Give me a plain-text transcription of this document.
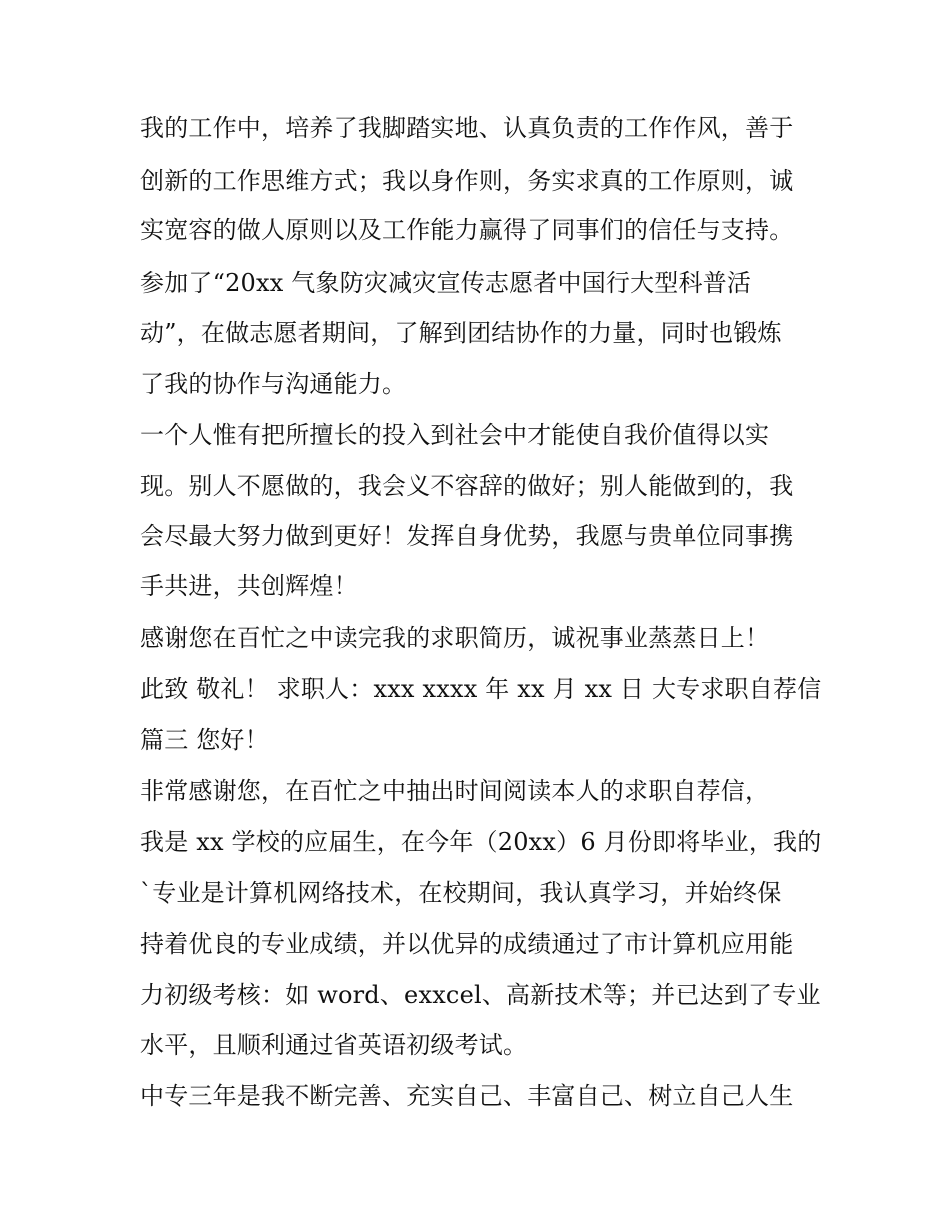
我的工作中，培养了我脚踏实地、认真负责的工作作风，善于
创新的工作思维方式；我以身作则，务实求真的工作原则，诚
实宽容的做人原则以及工作能力赢得了同事们的信任与支持。
参加了“20xx 气象防灾减灾宣传志愿者中国行大型科普活
动”，在做志愿者期间，了解到团结协作的力量，同时也锻炼
了我的协作与沟通能力。
一个人惟有把所擅长的投入到社会中才能使自我价值得以实
现。别人不愿做的，我会义不容辞的做好；别人能做到的，我
会尽最大努力做到更好！发挥自身优势，我愿与贵单位同事携
手共进，共创辉煌！
感谢您在百忙之中读完我的求职简历，诚祝事业蒸蒸日上！
此致 敬礼！ 求职人：xxx xxxx 年 xx 月 xx 日 大专求职自荐信
篇三 您好！
非常感谢您，在百忙之中抽出时间阅读本人的求职自荐信，
我是 xx 学校的应届生，在今年（20xx）6 月份即将毕业，我的
`专业是计算机网络技术，在校期间，我认真学习，并始终保
持着优良的专业成绩，并以优异的成绩通过了市计算机应用能
力初级考核：如 word、exxcel、高新技术等；并已达到了专业
水平，且顺利通过省英语初级考试。
中专三年是我不断完善、充实自己、丰富自己、树立自己人生
